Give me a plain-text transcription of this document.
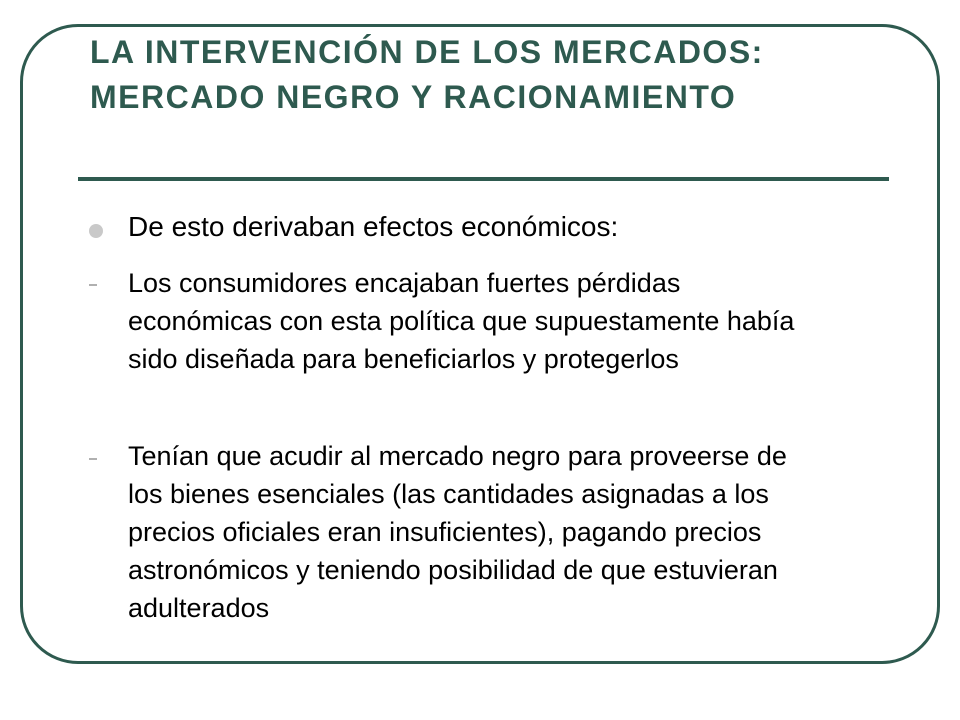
LA INTERVENCIÓN DE LOS MERCADOS: MERCADO NEGRO Y RACIONAMIENTO

De esto derivaban efectos económicos:

Los consumidores encajaban fuertes pérdidas económicas con esta política que supuestamente había sido diseñada para beneficiarlos y protegerlos

Tenían que acudir al mercado negro para proveerse de los bienes esenciales (las cantidades asignadas a los precios oficiales eran insuficientes), pagando precios astronómicos y teniendo posibilidad de que estuvieran adulterados
